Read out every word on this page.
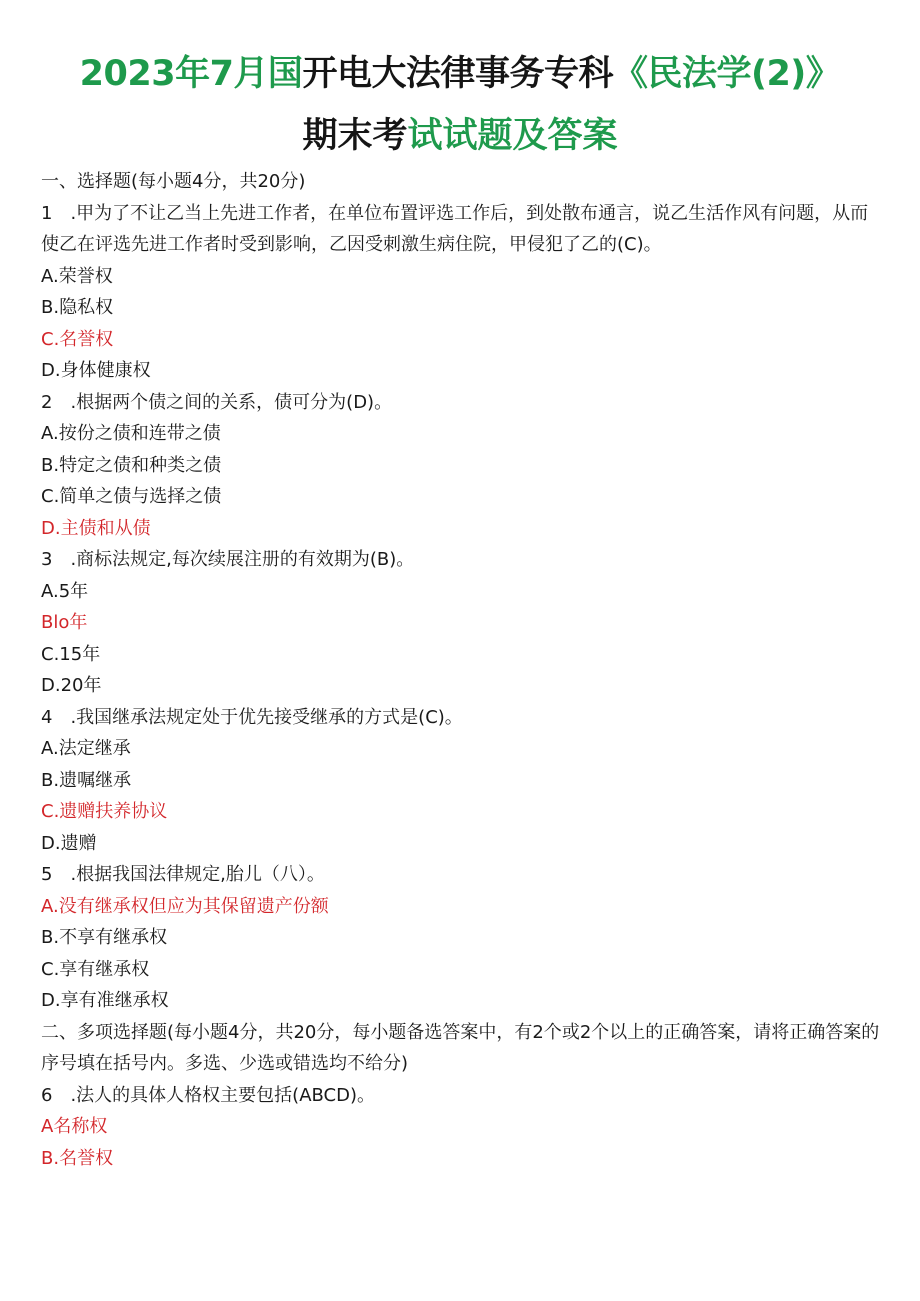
2023年7月国开电大法律事务专科《民法学(2)》
期末考试试题及答案
一、选择题(每小题4分，共20分)
1　.甲为了不让乙当上先进工作者，在单位布置评选工作后，到处散布通言，说乙生活作风有问题，从而使乙在评选先进工作者时受到影响，乙因受刺激生病住院，甲侵犯了乙的(C)。
A.荣誉权
B.隐私权
C.名誉权
D.身体健康权
2　.根据两个债之间的关系，债可分为(D)。
A.按份之债和连带之债
B.特定之债和种类之债
C.简单之债与选择之债
D.主债和从债
3　.商标法规定,每次续展注册的有效期为(B)。
A.5年
Blo年
C.15年
D.20年
4　.我国继承法规定处于优先接受继承的方式是(C)。
A.法定继承
B.遗嘱继承
C.遗赠扶养协议
D.遗赠
5　.根据我国法律规定,胎儿（八）。
A.没有继承权但应为其保留遗产份额
B.不享有继承权
C.享有继承权
D.享有准继承权
二、多项选择题(每小题4分，共20分，每小题备选答案中，有2个或2个以上的正确答案，请将正确答案的序号填在括号内。多选、少选或错选均不给分)
6　.法人的具体人格权主要包括(ABCD)。
A名称权
B.名誉权
